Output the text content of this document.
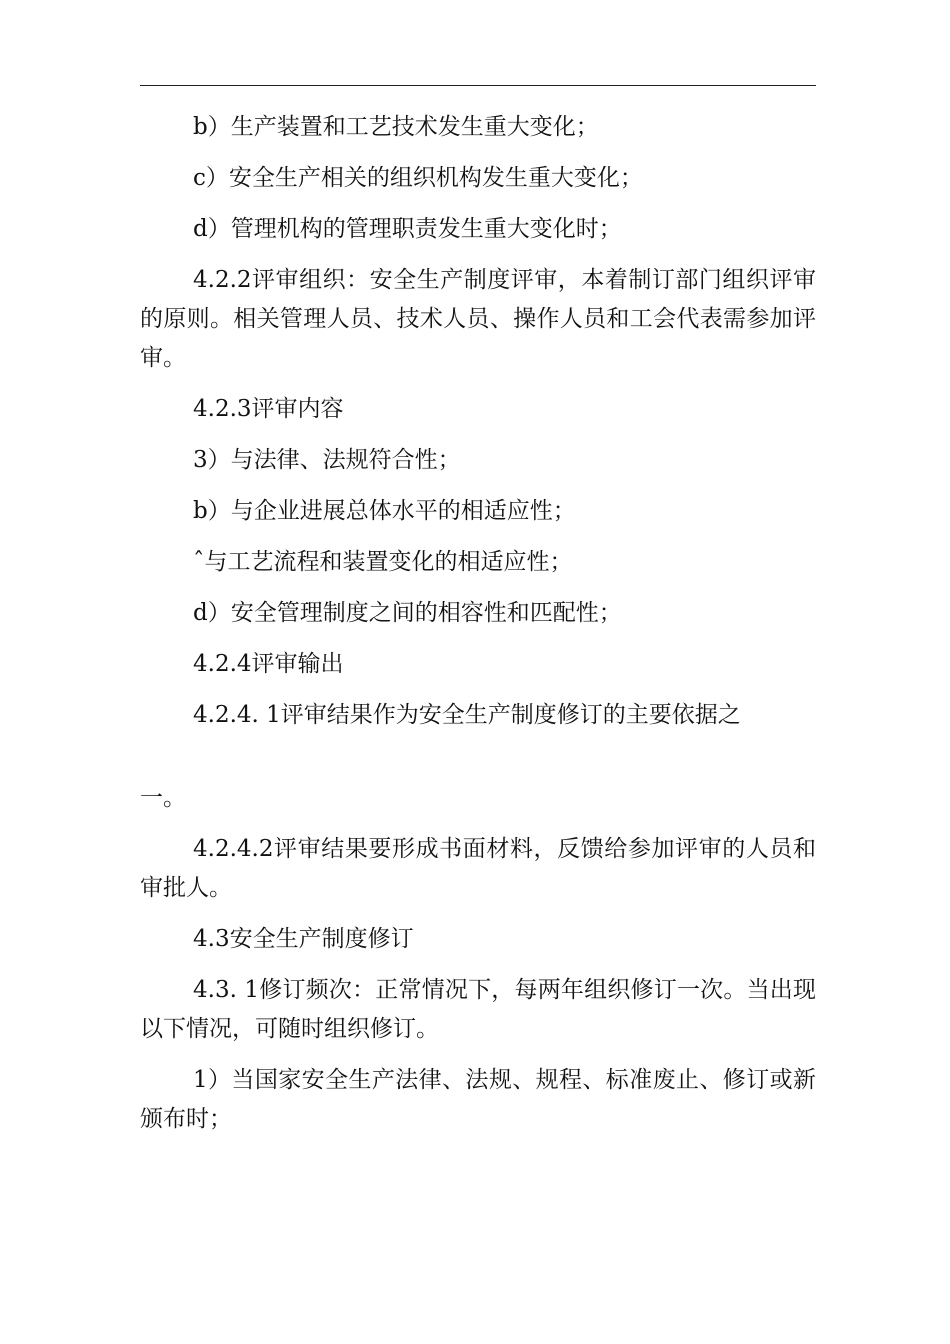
b）生产装置和工艺技术发生重大变化；

c）安全生产相关的组织机构发生重大变化；

d）管理机构的管理职责发生重大变化时；

4.2.2评审组织：安全生产制度评审，本着制订部门组织评审的原则。相关管理人员、技术人员、操作人员和工会代表需参加评审。

4.2.3评审内容

3）与法律、法规符合性；

b）与企业进展总体水平的相适应性；

ˆ与工艺流程和装置变化的相适应性；

d）安全管理制度之间的相容性和匹配性；

4.2.4评审输出

4.2.4. 1评审结果作为安全生产制度修订的主要依据之

一。

4.2.4.2评审结果要形成书面材料，反馈给参加评审的人员和审批人。

4.3安全生产制度修订

4.3. 1修订频次：正常情况下，每两年组织修订一次。当出现以下情况，可随时组织修订。

1）当国家安全生产法律、法规、规程、标准废止、修订或新颁布时；
